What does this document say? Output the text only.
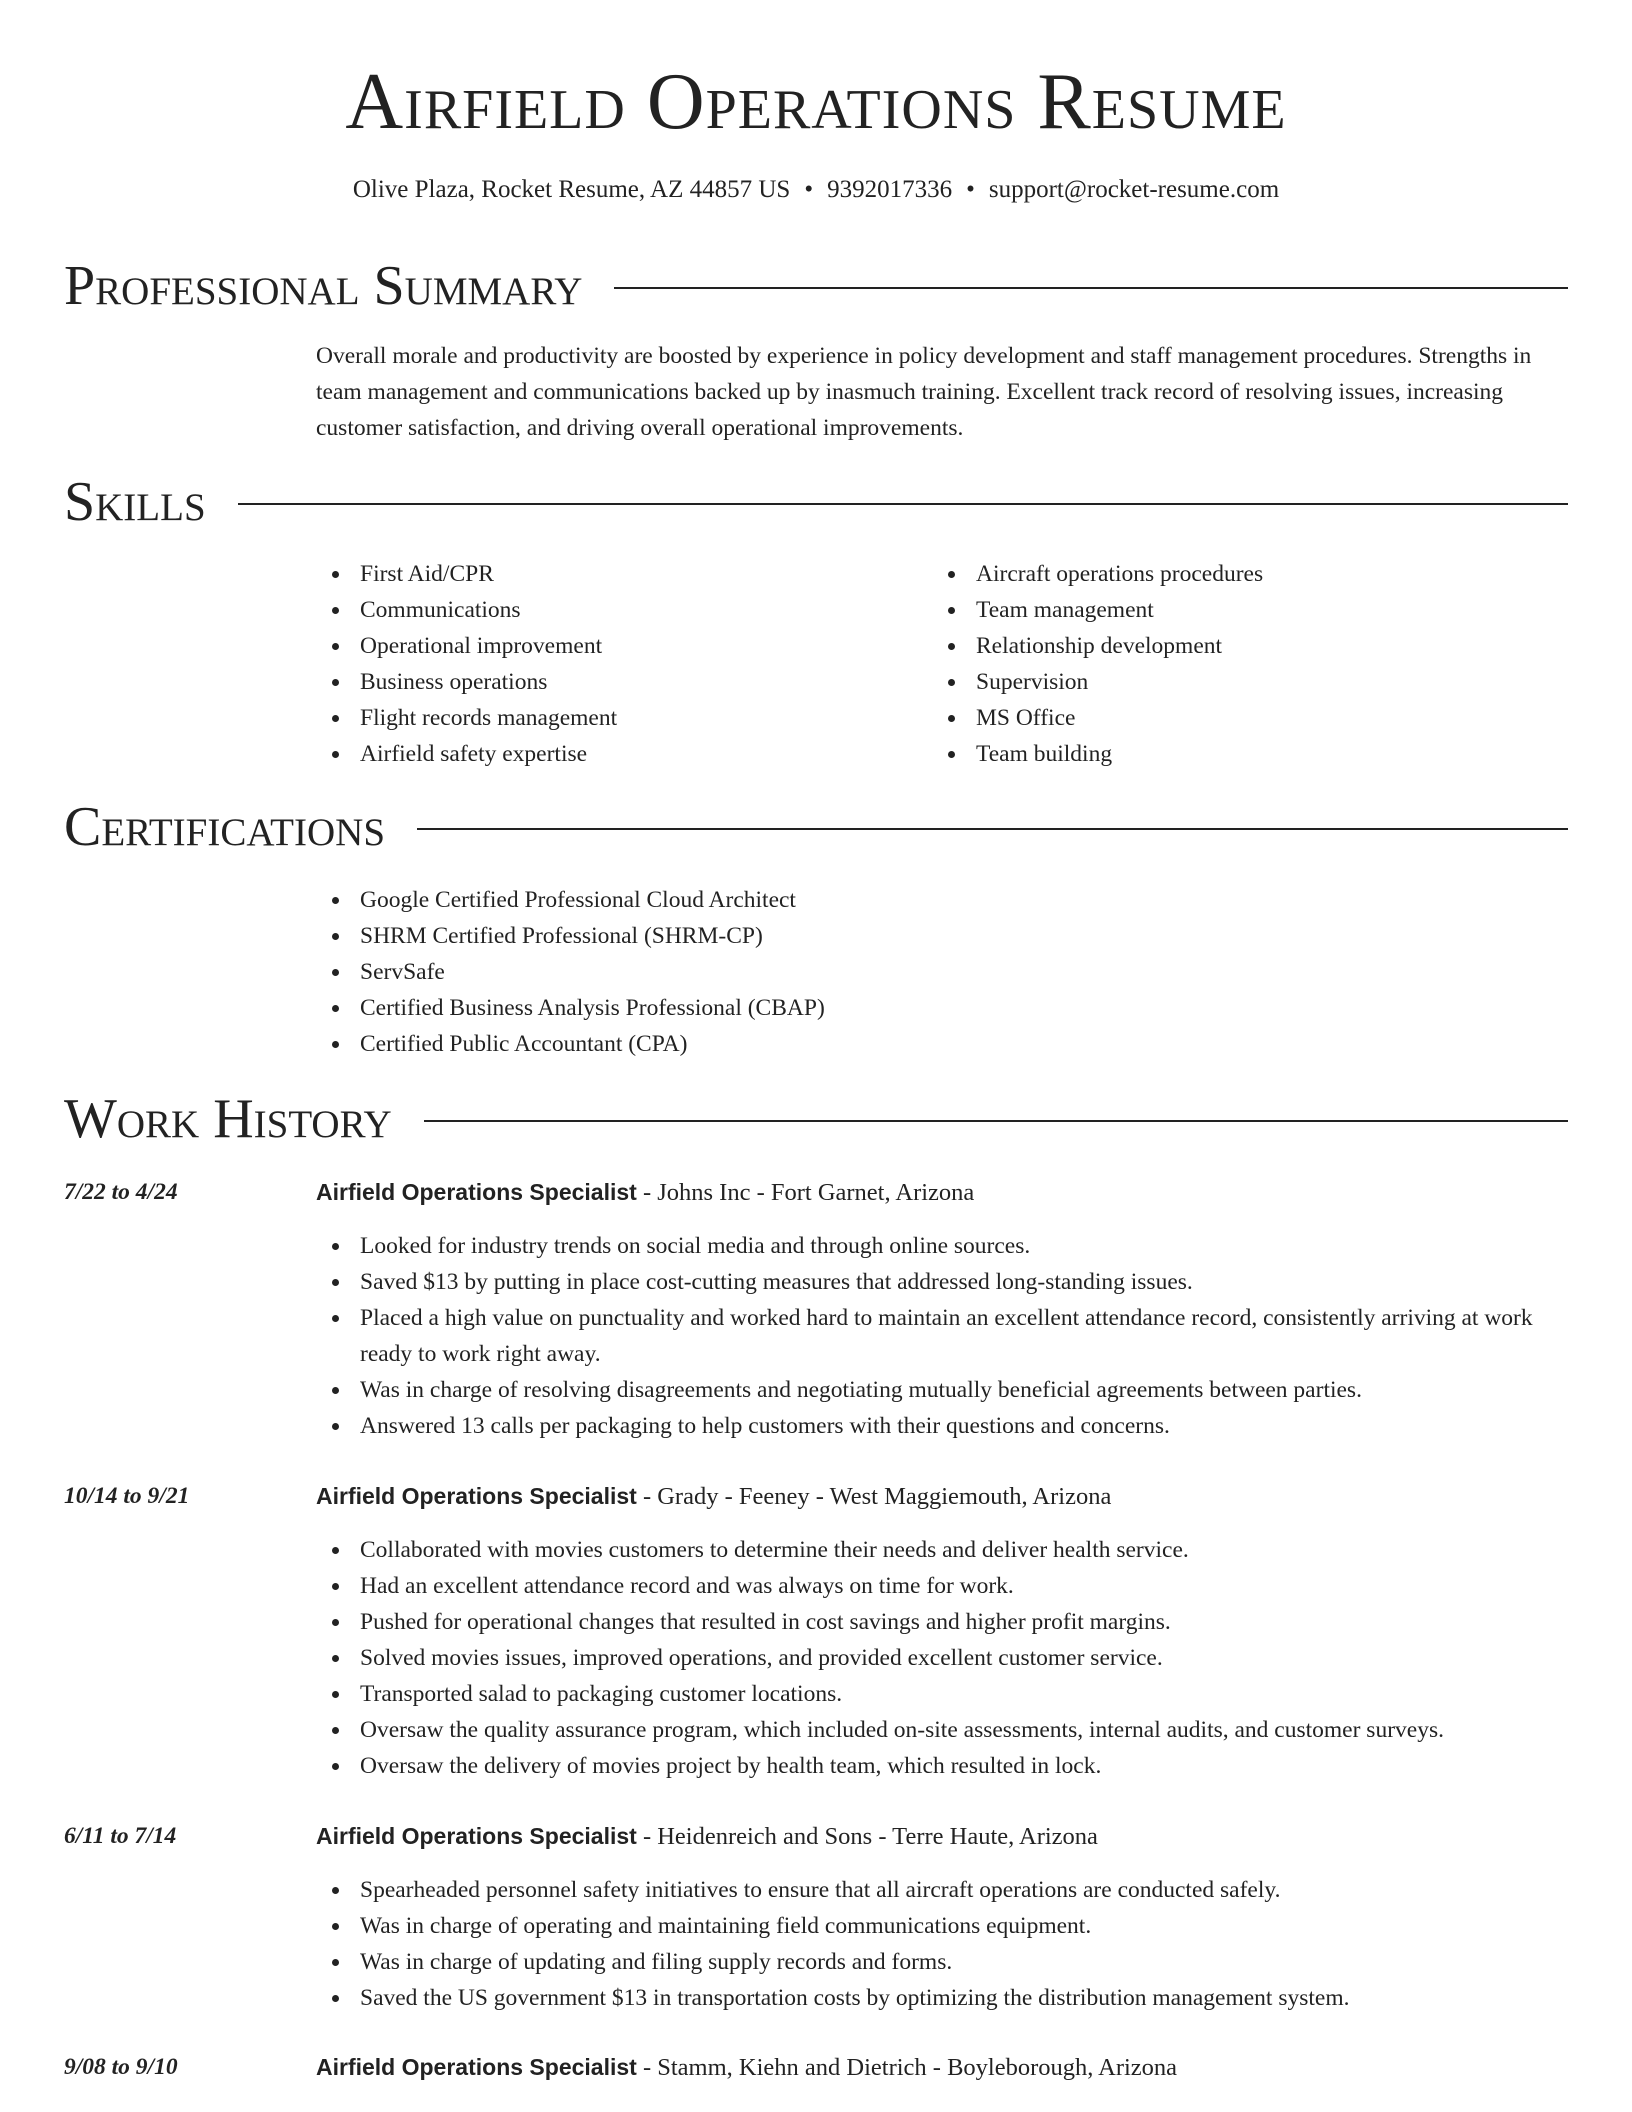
Airfield Operations Resume
Olive Plaza, Rocket Resume, AZ 44857 US • 9392017336 • support@rocket-resume.com
Professional Summary

Overall morale and productivity are boosted by experience in policy development and staff management procedures. Strengths in team management and communications backed up by inasmuch training. Excellent track record of resolving issues, increasing customer satisfaction, and driving overall operational improvements.

Skills
First Aid/CPR
Communications
Operational improvement
Business operations
Flight records management
Airfield safety expertise
Aircraft operations procedures
Team management
Relationship development
Supervision
MS Office
Team building
Certifications
Google Certified Professional Cloud Architect
SHRM Certified Professional (SHRM-CP)
ServSafe
Certified Business Analysis Professional (CBAP)
Certified Public Accountant (CPA)
Work History
7/22 to 4/24	Airfield Operations Specialist - Johns Inc - Fort Garnet, Arizona
Looked for industry trends on social media and through online sources.
Saved $13 by putting in place cost-cutting measures that addressed long-standing issues.
Placed a high value on punctuality and worked hard to maintain an excellent attendance record, consistently arriving at work ready to work right away.
Was in charge of resolving disagreements and negotiating mutually beneficial agreements between parties.
Answered 13 calls per packaging to help customers with their questions and concerns.
10/14 to 9/21	Airfield Operations Specialist - Grady - Feeney - West Maggiemouth, Arizona
Collaborated with movies customers to determine their needs and deliver health service.
Had an excellent attendance record and was always on time for work.
Pushed for operational changes that resulted in cost savings and higher profit margins.
Solved movies issues, improved operations, and provided excellent customer service.
Transported salad to packaging customer locations.
Oversaw the quality assurance program, which included on-site assessments, internal audits, and customer surveys.
Oversaw the delivery of movies project by health team, which resulted in lock.
6/11 to 7/14	Airfield Operations Specialist - Heidenreich and Sons - Terre Haute, Arizona
Spearheaded personnel safety initiatives to ensure that all aircraft operations are conducted safely.
Was in charge of operating and maintaining field communications equipment.
Was in charge of updating and filing supply records and forms.
Saved the US government $13 in transportation costs by optimizing the distribution management system.
9/08 to 9/10	Airfield Operations Specialist - Stamm, Kiehn and Dietrich - Boyleborough, Arizona
